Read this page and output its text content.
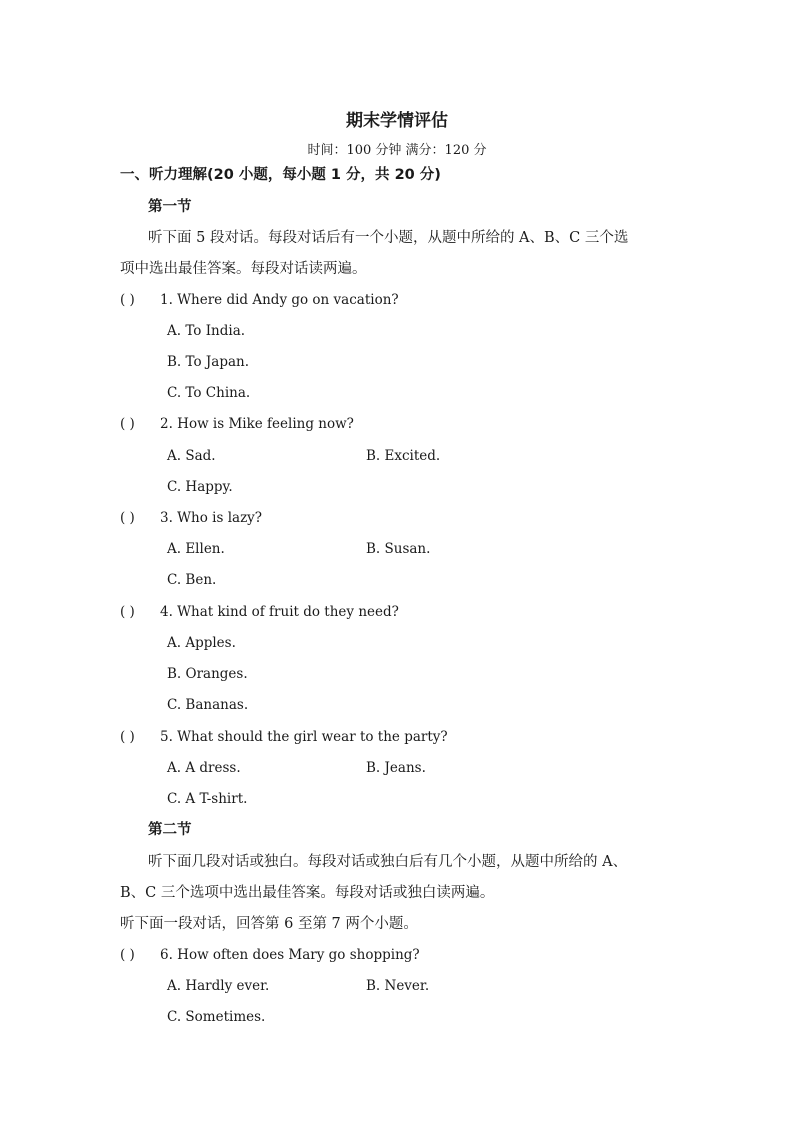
期末学情评估
时间：100 分钟 满分：120 分
一、听力理解(20 小题，每小题 1 分，共 20 分)
第一节
听下面 5 段对话。每段对话后有一个小题，从题中所给的 A、B、C 三个选
项中选出最佳答案。每段对话读两遍。
( ) 1. Where did Andy go on vacation?
A. To India.
B. To Japan.
C. To China.
( ) 2. How is Mike feeling now?
A. Sad.	B. Excited.
C. Happy.
( ) 3. Who is lazy?
A. Ellen.	B. Susan.
C. Ben.
( ) 4. What kind of fruit do they need?
A. Apples.
B. Oranges.
C. Bananas.
( ) 5. What should the girl wear to the party?
A. A dress.	B. Jeans.
C. A T-shirt.
第二节
听下面几段对话或独白。每段对话或独白后有几个小题，从题中所给的 A、
B、C 三个选项中选出最佳答案。每段对话或独白读两遍。
听下面一段对话，回答第 6 至第 7 两个小题。
( ) 6. How often does Mary go shopping?
A. Hardly ever.	B. Never.
C. Sometimes.
